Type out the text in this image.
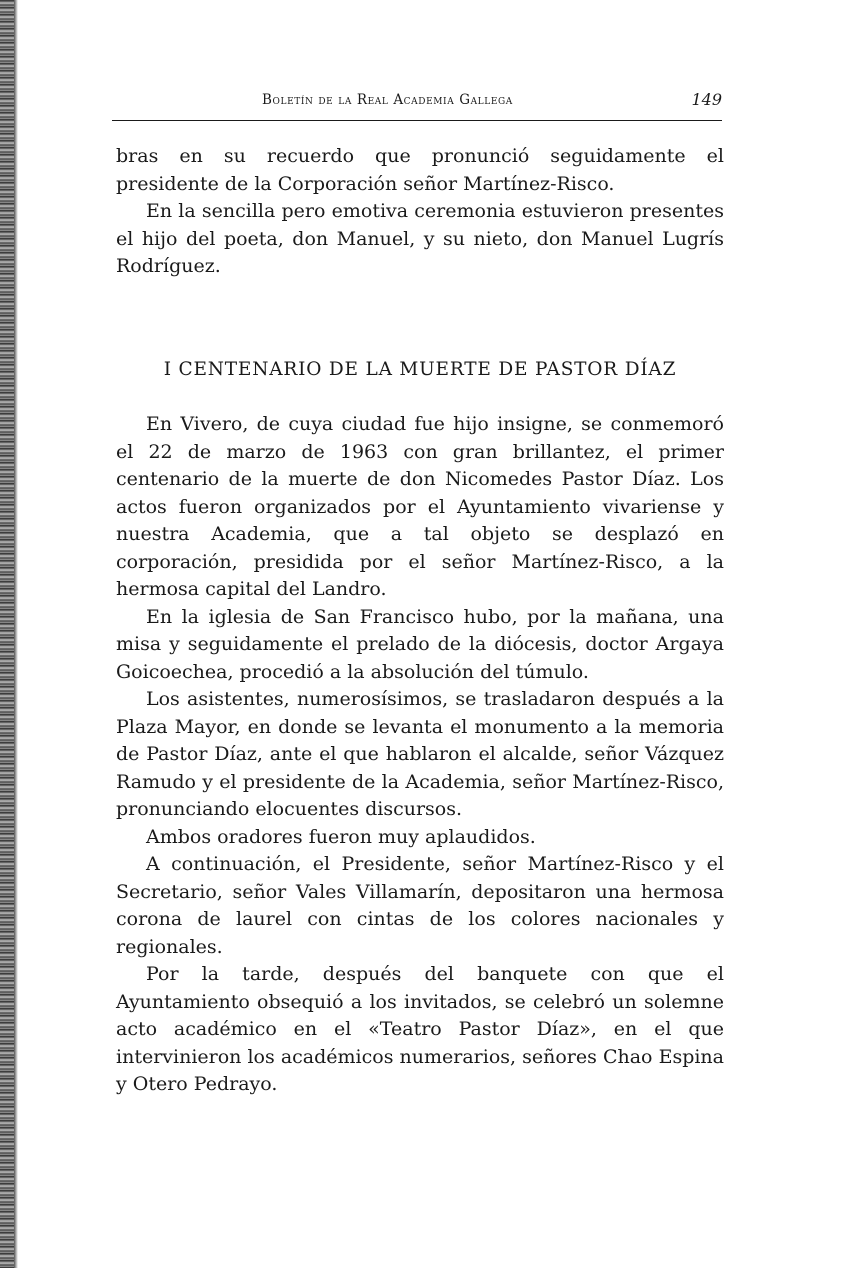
Boletín de la Real Academia Gallega	149

bras en su recuerdo que pronunció seguidamente el presidente de la Corporación señor Martínez-Risco.

En la sencilla pero emotiva ceremonia estuvieron presentes el hijo del poeta, don Manuel, y su nieto, don Manuel Lugrís Rodríguez.

I CENTENARIO DE LA MUERTE DE PASTOR DÍAZ

En Vivero, de cuya ciudad fue hijo insigne, se conmemoró el 22 de marzo de 1963 con gran brillantez, el primer centenario de la muerte de don Nicomedes Pastor Díaz. Los actos fueron organizados por el Ayuntamiento vivariense y nuestra Academia, que a tal objeto se desplazó en corporación, presidida por el señor Martínez-Risco, a la hermosa capital del Landro.

En la iglesia de San Francisco hubo, por la mañana, una misa y seguidamente el prelado de la diócesis, doctor Argaya Goicoechea, procedió a la absolución del túmulo.

Los asistentes, numerosísimos, se trasladaron después a la Plaza Mayor, en donde se levanta el monumento a la memoria de Pastor Díaz, ante el que hablaron el alcalde, señor Vázquez Ramudo y el presidente de la Academia, señor Martínez-Risco, pronunciando elocuentes discursos.

Ambos oradores fueron muy aplaudidos.

A continuación, el Presidente, señor Martínez-Risco y el Secretario, señor Vales Villamarín, depositaron una hermosa corona de laurel con cintas de los colores nacionales y regionales.

Por la tarde, después del banquete con que el Ayuntamiento obsequió a los invitados, se celebró un solemne acto académico en el «Teatro Pastor Díaz», en el que intervinieron los académicos numerarios, señores Chao Espina y Otero Pedrayo.
